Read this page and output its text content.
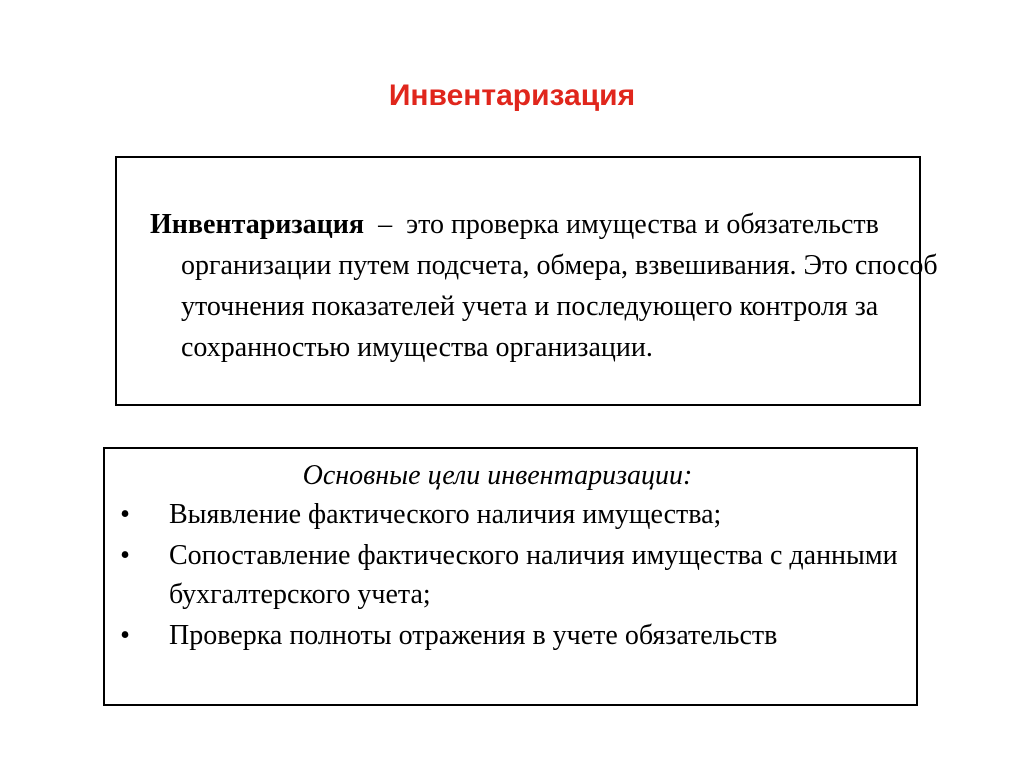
Инвентаризация

Инвентаризация – это проверка имущества и обязательств организации путем подсчета, обмера, взвешивания. Это способ уточнения показателей учета и последующего контроля за сохранностью имущества организации.

Основные цели инвентаризации:

• Выявление фактического наличия имущества;
• Сопоставление фактического наличия имущества с данными бухгалтерского учета;
• Проверка полноты отражения в учете обязательств
